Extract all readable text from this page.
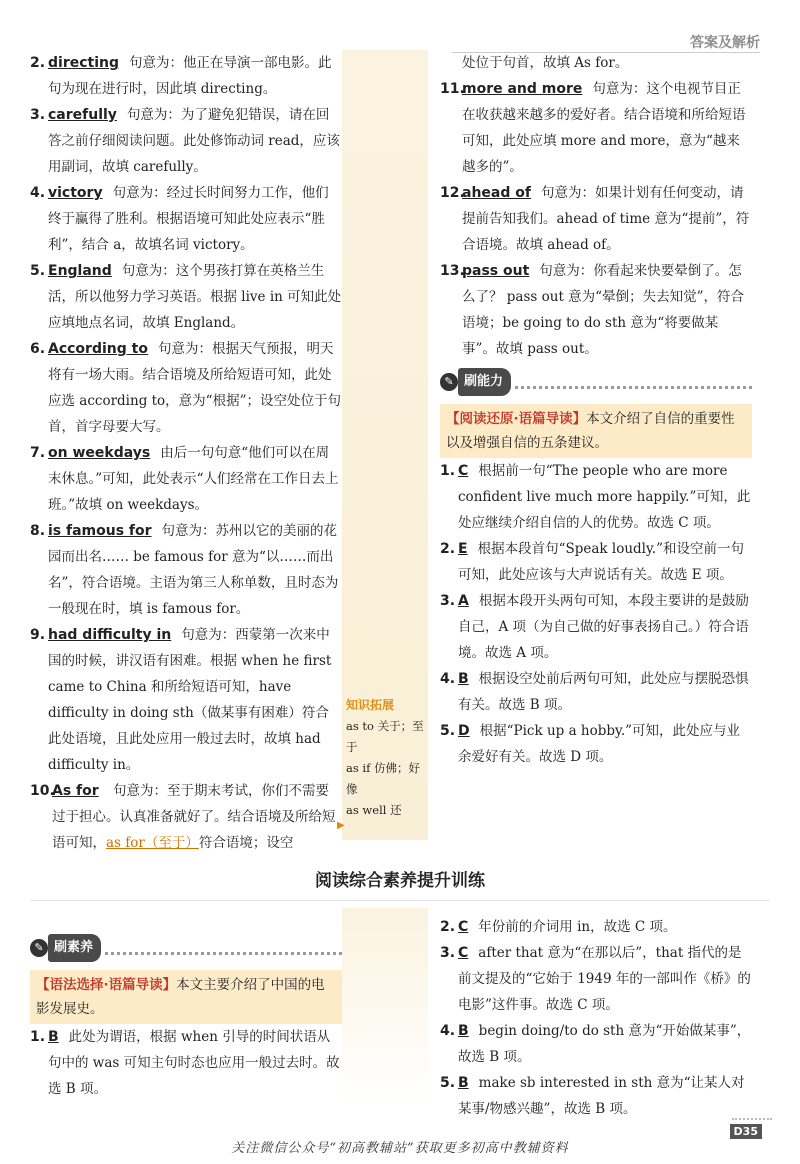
答案及解析
2. directing 句意为：他正在导演一部电影。此句为现在进行时，因此填 directing。
3. carefully 句意为：为了避免犯错误，请在回答之前仔细阅读问题。此处修饰动词 read，应该用副词，故填 carefully。
4. victory 句意为：经过长时间努力工作，他们终于赢得了胜利。根据语境可知此处应表示“胜利”，结合 a，故填名词 victory。
5. England 句意为：这个男孩打算在英格兰生活，所以他努力学习英语。根据 live in 可知此处应填地点名词，故填 England。
6. According to 句意为：根据天气预报，明天将有一场大雨。结合语境及所给短语可知，此处应选 according to，意为“根据”；设空处位于句首，首字母要大写。
7. on weekdays 由后一句句意“他们可以在周末休息。”可知，此处表示“人们经常在工作日去上班。”故填 on weekdays。
8. is famous for 句意为：苏州以它的美丽的花园而出名…… be famous for 意为“以……而出名”，符合语境。主语为第三人称单数，且时态为一般现在时，填 is famous for。
9. had difficulty in 句意为：西蒙第一次来中国的时候，讲汉语有困难。根据 when he first came to China 和所给短语可知，have difficulty in doing sth（做某事有困难）符合此处语境，且此处应用一般过去时，故填 had difficulty in。
10.
As for 句意为：至于期末考试，你们不需要过于担心。认真准备就好了。结合语境及所给短语可知，as for（至于）符合语境；设空
知识拓展
as to 关于；至于
as if 仿佛；好像
as well 还
▶
处位于句首，故填 As for。
11.
more and more 句意为：这个电视节目正在收获越来越多的爱好者。结合语境和所给短语可知，此处应填 more and more，意为“越来越多的”。
12.
ahead of 句意为：如果计划有任何变动，请提前告知我们。ahead of time 意为“提前”，符合语境。故填 ahead of。
13.
pass out 句意为：你看起来快要晕倒了。怎么了？ pass out 意为“晕倒；失去知觉”，符合语境；be going to do sth 意为“将要做某事”。故填 pass out。
✎ 刷能力
【阅读还原·语篇导读】本文介绍了自信的重要性以及增强自信的五条建议。
1. C 根据前一句“The people who are more confident live much more happily.”可知，此处应继续介绍自信的人的优势。故选 C 项。
2. E 根据本段首句“Speak loudly.”和设空前一句可知，此处应该与大声说话有关。故选 E 项。
3. A 根据本段开头两句可知，本段主要讲的是鼓励自己，A 项（为自己做的好事表扬自己。）符合语境。故选 A 项。
4. B 根据设空处前后两句可知，此处应与摆脱恐惧有关。故选 B 项。
5. D 根据“Pick up a hobby.”可知，此处应与业余爱好有关。故选 D 项。
阅读综合素养提升训练
✎ 刷素养
【语法选择·语篇导读】本文主要介绍了中国的电影发展史。
1. B 此处为谓语，根据 when 引导的时间状语从句中的 was 可知主句时态也应用一般过去时。故选 B 项。
2. C 年份前的介词用 in，故选 C 项。
3. C after that 意为“在那以后”，that 指代的是前文提及的“它始于 1949 年的一部叫作《桥》的电影”这件事。故选 C 项。
4. B begin doing/to do sth 意为“开始做某事”，故选 B 项。
5. B make sb interested in sth 意为“让某人对某事/物感兴趣”，故选 B 项。
D35
关注微信公众号“初高教辅站”获取更多初高中教辅资料
